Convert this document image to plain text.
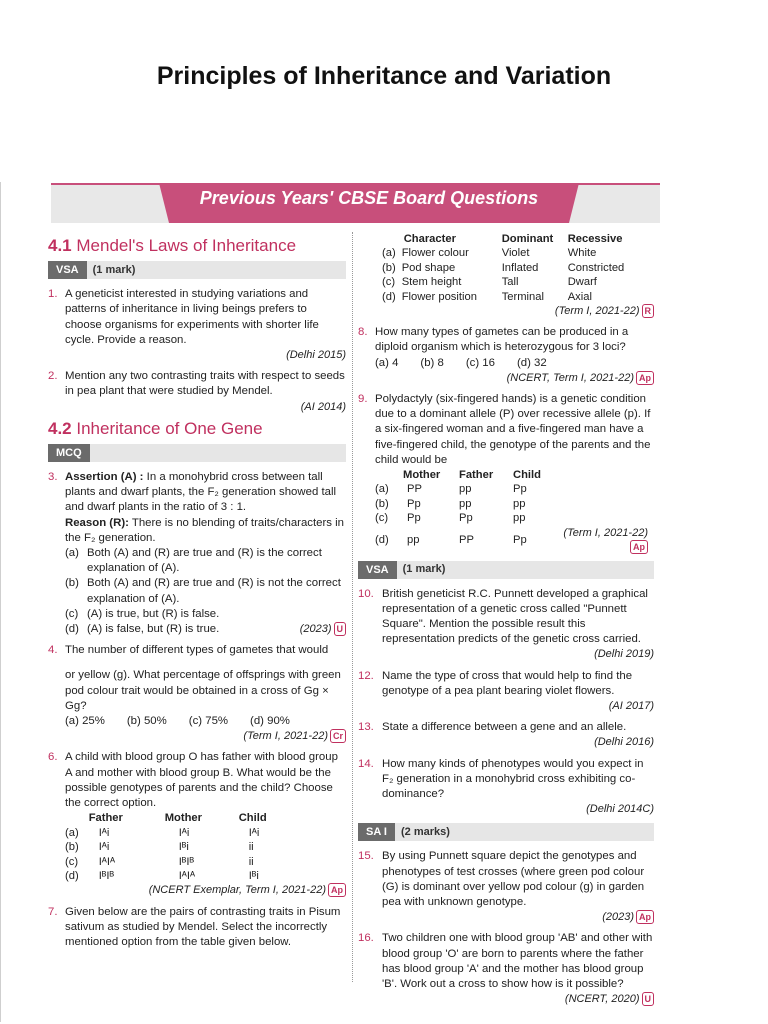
Principles of Inheritance and Variation
Previous Years' CBSE Board Questions
4.1 Mendel's Laws of Inheritance
VSA	(1 mark)
1. A geneticist interested in studying variations and patterns of inheritance in living beings prefers to choose organisms for experiments with shorter life cycle. Provide a reason.
(Delhi 2015)
2. Mention any two contrasting traits with respect to seeds in pea plant that were studied by Mendel.
(AI 2014)
4.2 Inheritance of One Gene
MCQ
3. Assertion (A) : In a monohybrid cross between tall plants and dwarf plants, the F₂ generation showed tall and dwarf plants in the ratio of 3 : 1.
Reason (R): There is no blending of traits/characters in the F₂ generation.
(a) Both (A) and (R) are true and (R) is the correct explanation of (A).
(b) Both (A) and (R) are true and (R) is not the correct explanation of (A).
(c) (A) is true, but (R) is false.
(d) (A) is false, but (R) is true.	(2023) U
4. The number of different types of gametes that would
or yellow (g). What percentage of offsprings with green pod colour trait would be obtained in a cross of Gg × Gg?
(a) 25% (b) 50% (c) 75% (d) 90%
(Term I, 2021-22) Cr
6. A child with blood group O has father with blood group A and mother with blood group B. What would be the possible genotypes of parents and the child? Choose the correct option.
	Father	Mother	Child
(a)	Iᴬi	Iᴬi	Iᴬi
(b)	Iᴬi	Iᴮi	ii
(c)	IᴬIᴬ	IᴮIᴮ	ii
(d)	IᴮIᴮ	IᴬIᴬ	Iᴮi
(NCERT Exemplar, Term I, 2021-22) Ap
7. Given below are the pairs of contrasting traits in Pisum sativum as studied by Mendel. Select the incorrectly mentioned option from the table given below.
	Character	Dominant	Recessive
(a)	Flower colour	Violet	White
(b)	Pod shape	Inflated	Constricted
(c)	Stem height	Tall	Dwarf
(d)	Flower position	Terminal	Axial
(Term I, 2021-22) R
8. How many types of gametes can be produced in a diploid organism which is heterozygous for 3 loci?
(a) 4 (b) 8 (c) 16 (d) 32
(NCERT, Term I, 2021-22) Ap
9. Polydactyly (six-fingered hands) is a genetic condition due to a dominant allele (P) over recessive allele (p). If a six-fingered woman and a five-fingered man have a five-fingered child, the genotype of the parents and the child would be
	Mother	Father	Child	
(a)	PP	pp	Pp	
(b)	Pp	pp	pp	
(c)	Pp	Pp	pp	
(d)	pp	PP	Pp	(Term I, 2021-22)Ap
VSA	(1 mark)
10. British geneticist R.C. Punnett developed a graphical representation of a genetic cross called "Punnett Square". Mention the possible result this representation predicts of the genetic cross carried.
(Delhi 2019)
12. Name the type of cross that would help to find the genotype of a pea plant bearing violet flowers.
(AI 2017)
13. State a difference between a gene and an allele.
(Delhi 2016)
14. How many kinds of phenotypes would you expect in F₂ generation in a monohybrid cross exhibiting co-dominance?
(Delhi 2014C)
SA I	(2 marks)
15. By using Punnett square depict the genotypes and phenotypes of test crosses (where green pod colour (G) is dominant over yellow pod colour (g) in garden pea with unknown genotype.
(2023) Ap
16. Two children one with blood group 'AB' and other with blood group 'O' are born to parents where the father has blood group 'A' and the mother has blood group 'B'. Work out a cross to show how is it possible?
(NCERT, 2020) U
